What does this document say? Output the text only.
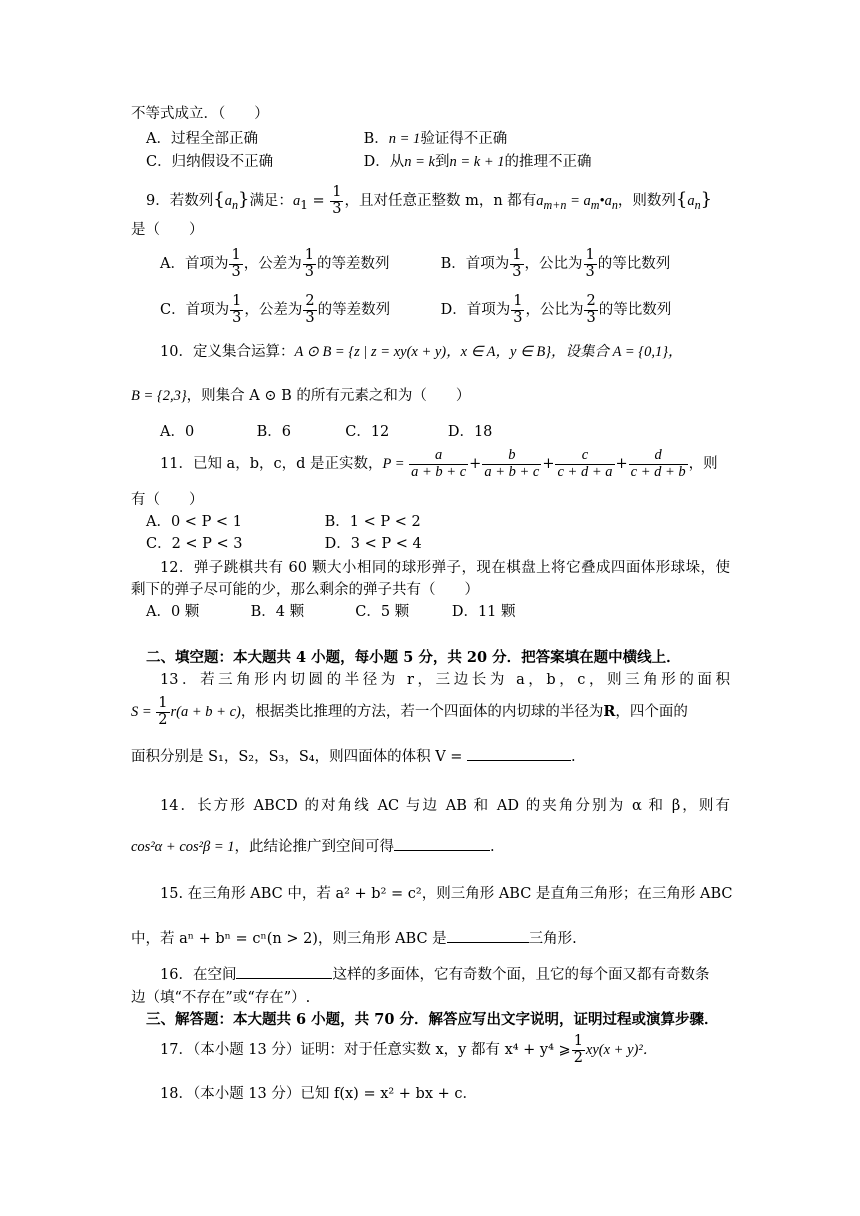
不等式成立．（　　）
A．过程全部正确	B．n = 1验证得不正确
C．归纳假设不正确	D．从n = k到n = k + 1的推理不正确
9．若数列$\{a_n\}$满足：$a_1 = \frac{1}{3}$ ，且对任意正整数 m，n 都有$a_{m+n}$ = $a_m•a_n$，则数列$\{a_n\}$
是（　　）
A．首项为 $\frac{1}{3}$ ，公差为 $\frac{1}{3}$ 的等差数列	B．首项为 $\frac{1}{3}$ ，公比为 $\frac{1}{3}$ 的等比数列
C．首项为 $\frac{1}{3}$ ，公差为 $\frac{2}{3}$ 的等差数列	D．首项为 $\frac{1}{3}$ ，公比为 $\frac{2}{3}$ 的等比数列
10．定义集合运算：A ⊙ B = {z | z = xy(x + y)，x ∈ A，y ∈ B}，设集合 A = {0,1}，
B = {2,3}，则集合 A ⊙ B 的所有元素之和为（　　）
A．0	B．6	C．12	D．18
11．已知 a，b，c，d 是正实数，$P = \frac{a}{a + b + c} + \frac{b}{a + b + c} + \frac{c}{c + d + a} + \frac{d}{c + d + b}$ ，则
有（　　）
A．0 < P < 1	B．1 < P < 2
C．2 < P < 3	D．3 < P < 4
12．弹子跳棋共有 60 颗大小相同的球形弹子，现在棋盘上将它叠成四面体形球垛，使
剩下的弹子尽可能的少，那么剩余的弹子共有（　　）
A．0 颗	B．4 颗	C．5 颗	D．11 颗
二、填空题：本大题共 4 小题，每小题 5 分，共 20 分．把答案填在题中横线上．
13．若三角形内切圆的半径为 r，三边长为 a，b，c，则三角形的面积
$S = \frac{1}{2} r(a + b + c)$，根据类比推理的方法，若一个四面体的内切球的半径为R，四个面的
面积分别是 S₁，S₂，S₃，S₄，则四面体的体积 V =	.
14．长方形 ABCD 的对角线 AC 与边 AB 和 AD 的夹角分别为 α 和 β，则有
cos²α + cos²β = 1，此结论推广到空间可得	.
15. 在三角形 ABC 中，若 a² + b² = c²，则三角形 ABC 是直角三角形；在三角形 ABC
中，若 aⁿ + bⁿ = cⁿ(n > 2)，则三角形 ABC 是	三角形.
16．在空间	这样的多面体，它有奇数个面，且它的每个面又都有奇数条
边（填“不存在”或“存在”）.
三、解答题：本大题共 6 小题，共 70 分．解答应写出文字说明，证明过程或演算步骤．
17．（本小题 13 分）证明：对于任意实数 x，y 都有 x⁴ + y⁴ ⩾ $\frac{1}{2} xy(x + y)^2$．
18．（本小题 13 分）已知 f(x) = x² + bx + c．
